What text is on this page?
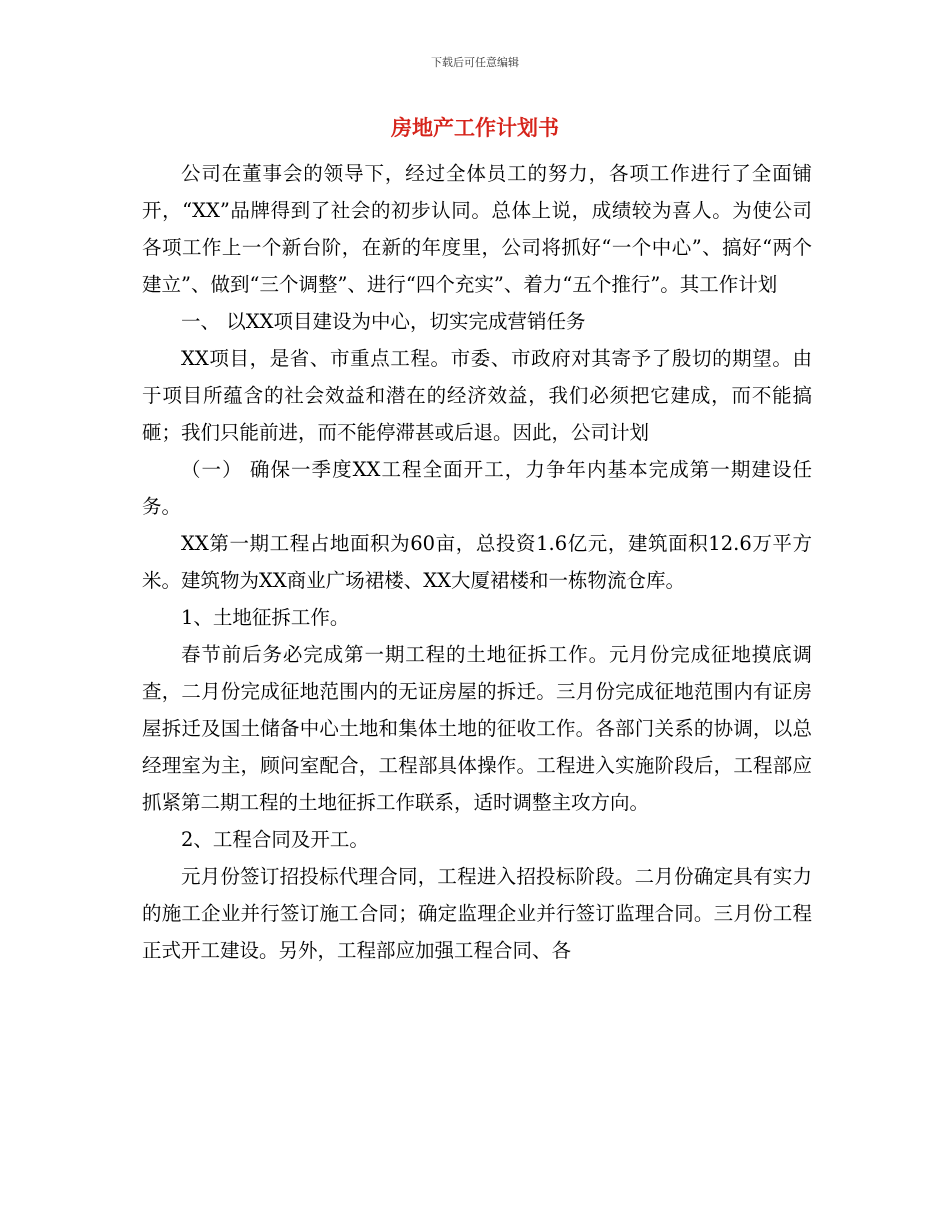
下载后可任意编辑
房地产工作计划书

公司在董事会的领导下，经过全体员工的努力，各项工作进行了全面铺开，“XX”品牌得到了社会的初步认同。总体上说，成绩较为喜人。为使公司各项工作上一个新台阶，在新的年度里，公司将抓好“一个中心”、搞好“两个建立”、做到“三个调整”、进行“四个充实”、着力“五个推行”。其工作计划

一、 以XX项目建设为中心，切实完成营销任务

XX项目，是省、市重点工程。市委、市政府对其寄予了殷切的期望。由于项目所蕴含的社会效益和潜在的经济效益，我们必须把它建成，而不能搞砸；我们只能前进，而不能停滞甚或后退。因此，公司计划

（一） 确保一季度XX工程全面开工，力争年内基本完成第一期建设任务。

XX第一期工程占地面积为60亩，总投资1.6亿元，建筑面积12.6万平方米。建筑物为XX商业广场裙楼、XX大厦裙楼和一栋物流仓库。

1、土地征拆工作。

春节前后务必完成第一期工程的土地征拆工作。元月份完成征地摸底调查，二月份完成征地范围内的无证房屋的拆迁。三月份完成征地范围内有证房屋拆迁及国土储备中心土地和集体土地的征收工作。各部门关系的协调，以总经理室为主，顾问室配合，工程部具体操作。工程进入实施阶段后，工程部应抓紧第二期工程的土地征拆工作联系，适时调整主攻方向。

2、工程合同及开工。

元月份签订招投标代理合同，工程进入招投标阶段。二月份确定具有实力的施工企业并行签订施工合同；确定监理企业并行签订监理合同。三月份工程正式开工建设。另外，工程部应加强工程合同、各
